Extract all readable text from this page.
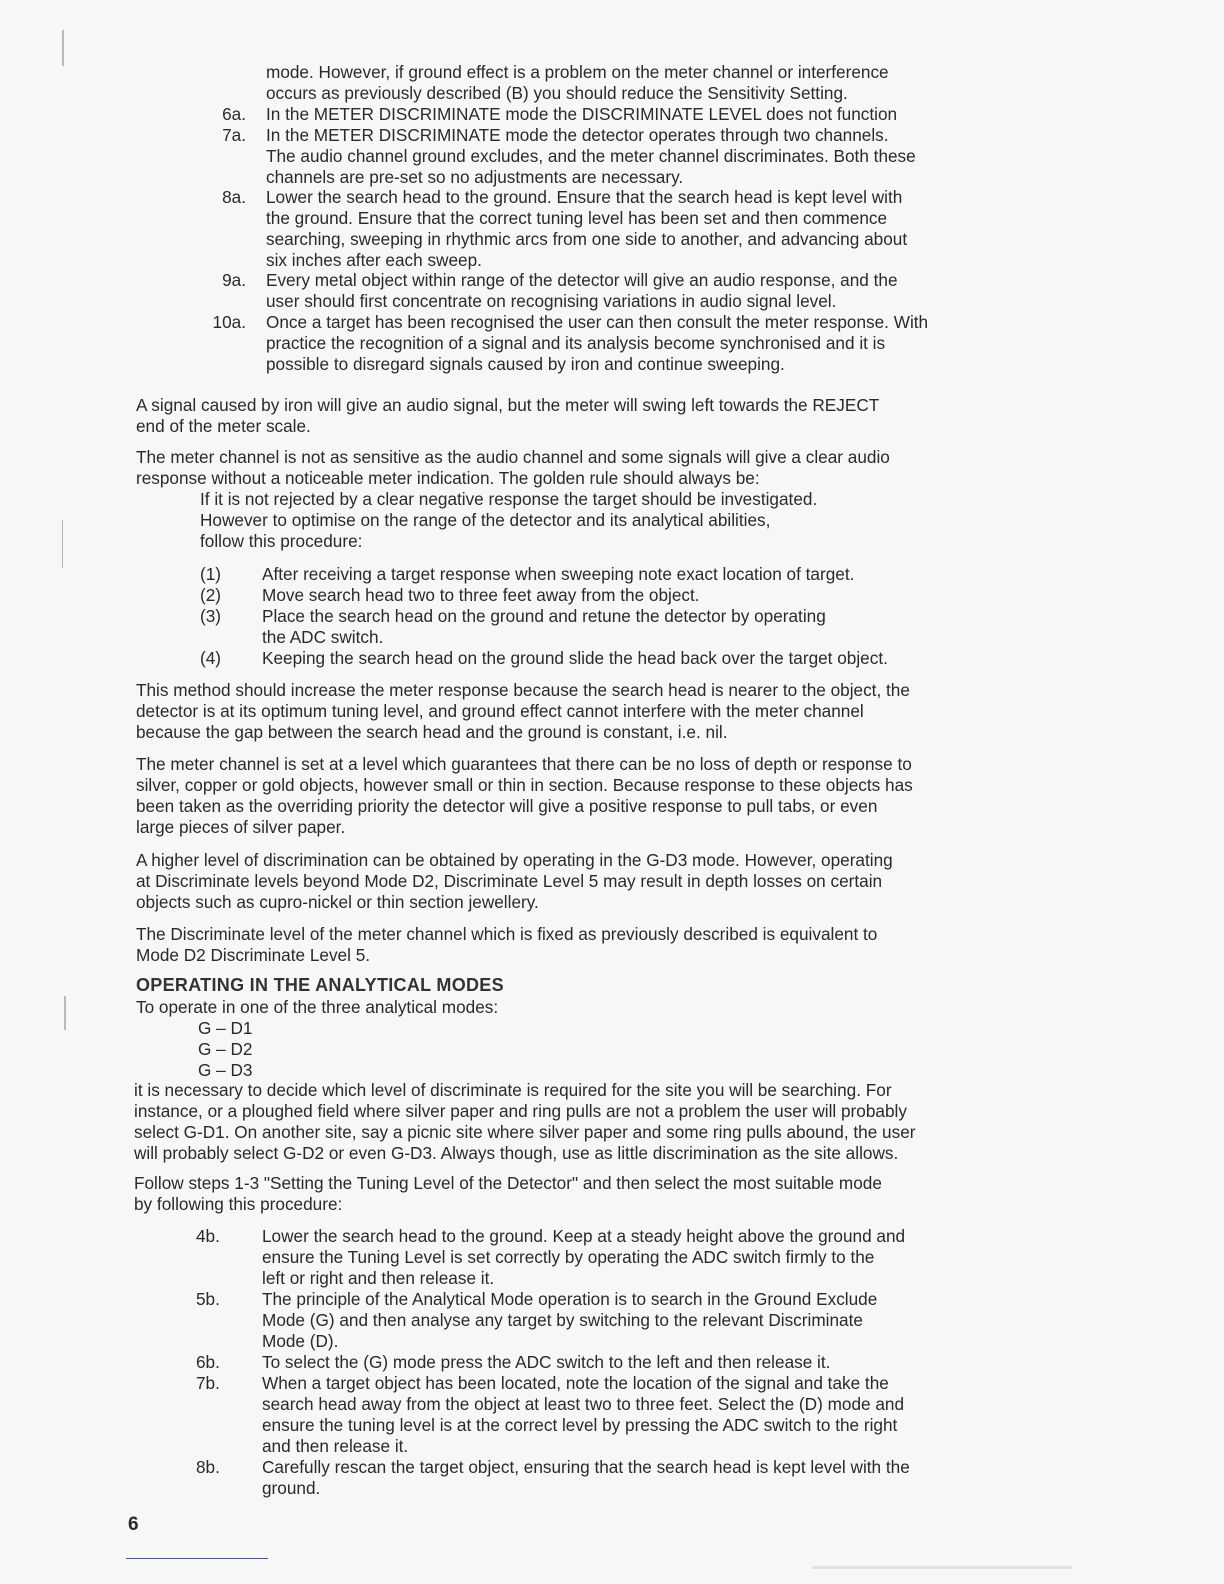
mode. However, if ground effect is a problem on the meter channel or interference
occurs as previously described (B) you should reduce the Sensitivity Setting.
6a. In the METER DISCRIMINATE mode the DISCRIMINATE LEVEL does not function
7a. In the METER DISCRIMINATE mode the detector operates through two channels.
The audio channel ground excludes, and the meter channel discriminates. Both these
channels are pre-set so no adjustments are necessary.
8a. Lower the search head to the ground. Ensure that the search head is kept level with
the ground. Ensure that the correct tuning level has been set and then commence
searching, sweeping in rhythmic arcs from one side to another, and advancing about
six inches after each sweep.
9a. Every metal object within range of the detector will give an audio response, and the
user should first concentrate on recognising variations in audio signal level.
10a. Once a target has been recognised the user can then consult the meter response. With
practice the recognition of a signal and its analysis become synchronised and it is
possible to disregard signals caused by iron and continue sweeping.
A signal caused by iron will give an audio signal, but the meter will swing left towards the REJECT
end of the meter scale.
The meter channel is not as sensitive as the audio channel and some signals will give a clear audio
response without a noticeable meter indication. The golden rule should always be:
If it is not rejected by a clear negative response the target should be investigated.
However to optimise on the range of the detector and its analytical abilities,
follow this procedure:
(1)	After receiving a target response when sweeping note exact location of target.
(2)	Move search head two to three feet away from the object.
(3)	Place the search head on the ground and retune the detector by operating
the ADC switch.
(4)	Keeping the search head on the ground slide the head back over the target object.
This method should increase the meter response because the search head is nearer to the object, the
detector is at its optimum tuning level, and ground effect cannot interfere with the meter channel
because the gap between the search head and the ground is constant, i.e. nil.
The meter channel is set at a level which guarantees that there can be no loss of depth or response to
silver, copper or gold objects, however small or thin in section. Because response to these objects has
been taken as the overriding priority the detector will give a positive response to pull tabs, or even
large pieces of silver paper.
A higher level of discrimination can be obtained by operating in the G-D3 mode. However, operating
at Discriminate levels beyond Mode D2, Discriminate Level 5 may result in depth losses on certain
objects such as cupro-nickel or thin section jewellery.
The Discriminate level of the meter channel which is fixed as previously described is equivalent to
Mode D2 Discriminate Level 5.
OPERATING IN THE ANALYTICAL MODES
To operate in one of the three analytical modes:
G – D1
G – D2
G – D3
it is necessary to decide which level of discriminate is required for the site you will be searching. For
instance, or a ploughed field where silver paper and ring pulls are not a problem the user will probably
select G-D1. On another site, say a picnic site where silver paper and some ring pulls abound, the user
will probably select G-D2 or even G-D3. Always though, use as little discrimination as the site allows.
Follow steps 1-3 "Setting the Tuning Level of the Detector" and then select the most suitable mode
by following this procedure:
4b.	Lower the search head to the ground. Keep at a steady height above the ground and
ensure the Tuning Level is set correctly by operating the ADC switch firmly to the
left or right and then release it.
5b.	The principle of the Analytical Mode operation is to search in the Ground Exclude
Mode (G) and then analyse any target by switching to the relevant Discriminate
Mode (D).
6b.	To select the (G) mode press the ADC switch to the left and then release it.
7b.	When a target object has been located, note the location of the signal and take the
search head away from the object at least two to three feet. Select the (D) mode and
ensure the tuning level is at the correct level by pressing the ADC switch to the right
and then release it.
8b.	Carefully rescan the target object, ensuring that the search head is kept level with the
ground.
6
